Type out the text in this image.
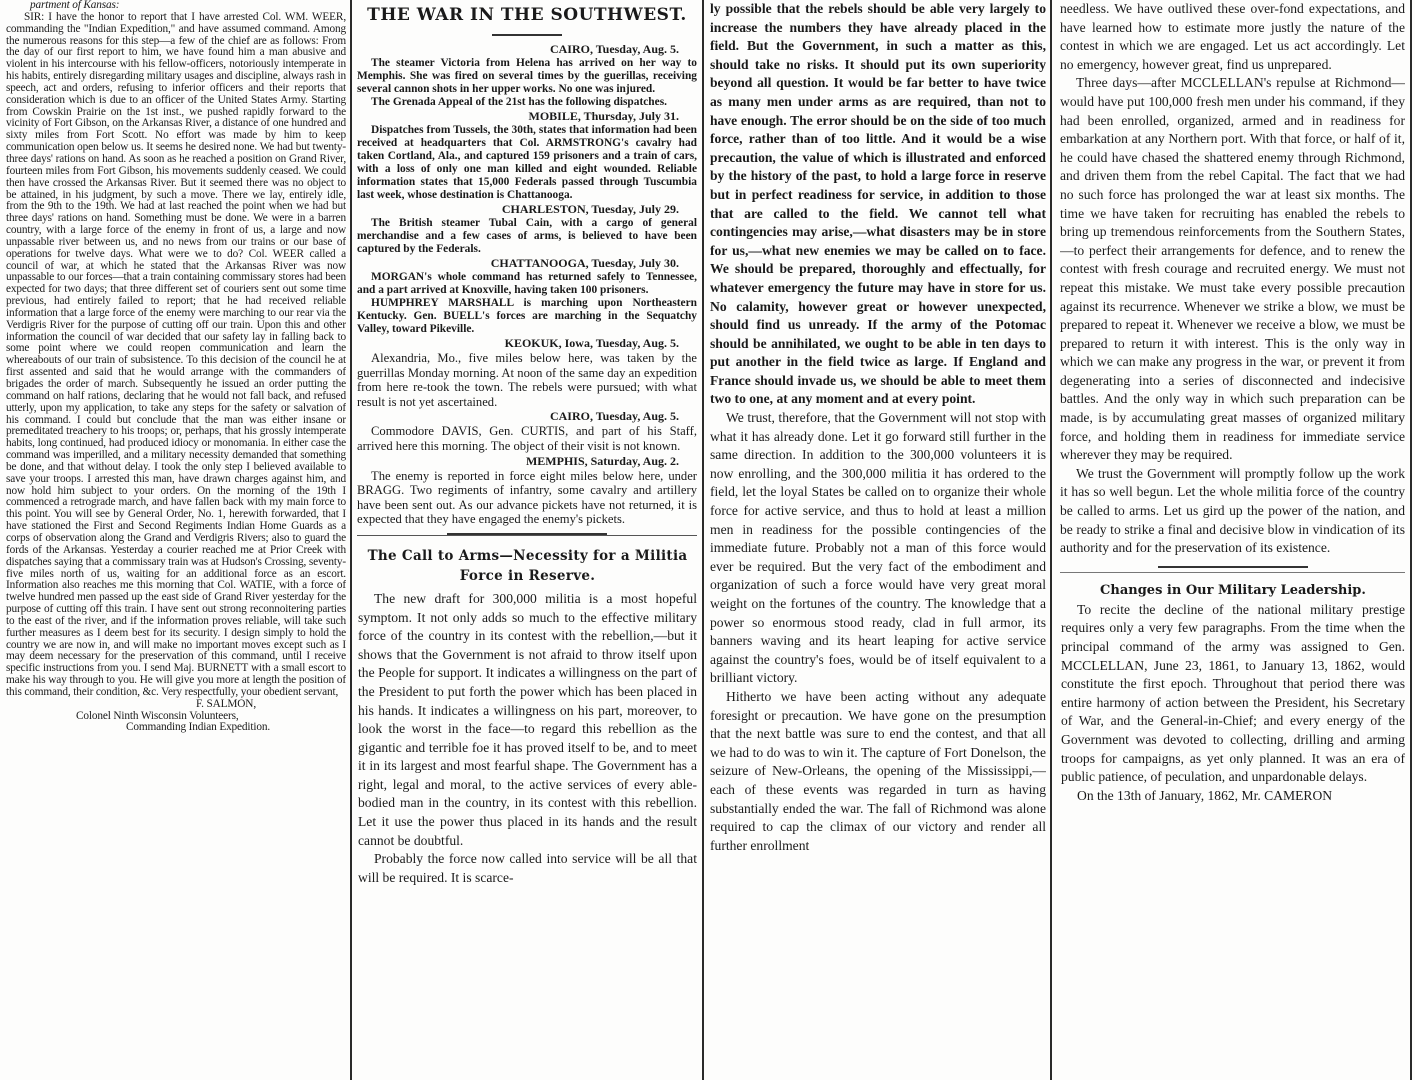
partment of Kansas:

SIR: I have the honor to report that I have arrested Col. WM. WEER, commanding the "Indian Expedition," and have assumed command. Among the numerous reasons for this step—a few of the chief are as follows: From the day of our first report to him, we have found him a man abusive and violent in his intercourse with his fellow-officers, notoriously intemperate in his habits, entirely disregarding military usages and discipline, always rash in speech, act and orders, refusing to inferior officers and their reports that consideration which is due to an officer of the United States Army. Starting from Cowskin Prairie on the 1st inst., we pushed rapidly forward to the vicinity of Fort Gibson, on the Arkansas River, a distance of one hundred and sixty miles from Fort Scott. No effort was made by him to keep communication open below us. It seems he desired none. We had but twenty-three days' rations on hand. As soon as he reached a position on Grand River, fourteen miles from Fort Gibson, his movements suddenly ceased. We could then have crossed the Arkansas River. But it seemed there was no object to be attained, in his judgment, by such a move. There we lay, entirely idle, from the 9th to the 19th. We had at last reached the point when we had but three days' rations on hand. Something must be done. We were in a barren country, with a large force of the enemy in front of us, a large and now unpassable river between us, and no news from our trains or our base of operations for twelve days. What were we to do? Col. WEER called a council of war, at which he stated that the Arkansas River was now unpassable to our forces—that a train containing commissary stores had been expected for two days; that three different set of couriers sent out some time previous, had entirely failed to report; that he had received reliable information that a large force of the enemy were marching to our rear via the Verdigris River for the purpose of cutting off our train. Upon this and other information the council of war decided that our safety lay in falling back to some point where we could reopen communication and learn the whereabouts of our train of subsistence. To this decision of the council he at first assented and said that he would arrange with the commanders of brigades the order of march. Subsequently he issued an order putting the command on half rations, declaring that he would not fall back, and refused utterly, upon my application, to take any steps for the safety or salvation of his command. I could but conclude that the man was either insane or premeditated treachery to his troops; or, perhaps, that his grossly intemperate habits, long continued, had produced idiocy or monomania. In either case the command was imperilled, and a military necessity demanded that something be done, and that without delay. I took the only step I believed available to save your troops. I arrested this man, have drawn charges against him, and now hold him subject to your orders. On the morning of the 19th I commenced a retrograde march, and have fallen back with my main force to this point. You will see by General Order, No. 1, herewith forwarded, that I have stationed the First and Second Regiments Indian Home Guards as a corps of observation along the Grand and Verdigris Rivers; also to guard the fords of the Arkansas. Yesterday a courier reached me at Prior Creek with dispatches saying that a commissary train was at Hudson's Crossing, seventy-five miles north of us, waiting for an additional force as an escort. Information also reaches me this morning that Col. WATIE, with a force of twelve hundred men passed up the east side of Grand River yesterday for the purpose of cutting off this train. I have sent out strong reconnoitering parties to the east of the river, and if the information proves reliable, will take such further measures as I deem best for its security. I design simply to hold the country we are now in, and will make no important moves except such as I may deem necessary for the preservation of this command, until I receive specific instructions from you. I send Maj. BURNETT with a small escort to make his way through to you. He will give you more at length the position of this command, their condition, &c. Very respectfully, your obedient servant,

F. SALMON,

Colonel Ninth Wisconsin Volunteers,

Commanding Indian Expedition.

THE WAR IN THE SOUTHWEST.
CAIRO, Tuesday, Aug. 5.

The steamer Victoria from Helena has arrived on her way to Memphis. She was fired on several times by the guerillas, receiving several cannon shots in her upper works. No one was injured.

The Grenada Appeal of the 21st has the following dispatches.

MOBILE, Thursday, July 31.

Dispatches from Tussels, the 30th, states that information had been received at headquarters that Col. ARMSTRONG's cavalry had taken Cortland, Ala., and captured 159 prisoners and a train of cars, with a loss of only one man killed and eight wounded. Reliable information states that 15,000 Federals passed through Tuscumbia last week, whose destination is Chattanooga.

CHARLESTON, Tuesday, July 29.

The British steamer Tubal Cain, with a cargo of general merchandise and a few cases of arms, is believed to have been captured by the Federals.

CHATTANOOGA, Tuesday, July 30.

MORGAN's whole command has returned safely to Tennessee, and a part arrived at Knoxville, having taken 100 prisoners.

HUMPHREY MARSHALL is marching upon Northeastern Kentucky. Gen. BUELL's forces are marching in the Sequatchy Valley, toward Pikeville.

KEOKUK, Iowa, Tuesday, Aug. 5.

Alexandria, Mo., five miles below here, was taken by the guerrillas Monday morning. At noon of the same day an expedition from here re-took the town. The rebels were pursued; with what result is not yet ascertained.

CAIRO, Tuesday, Aug. 5.

Commodore DAVIS, Gen. CURTIS, and part of his Staff, arrived here this morning. The object of their visit is not known.

MEMPHIS, Saturday, Aug. 2.

The enemy is reported in force eight miles below here, under BRAGG. Two regiments of infantry, some cavalry and artillery have been sent out. As our advance pickets have not returned, it is expected that they have engaged the enemy's pickets.

The Call to Arms—Necessity for a Militia Force in Reserve.

The new draft for 300,000 militia is a most hopeful symptom. It not only adds so much to the effective military force of the country in its contest with the rebellion,—but it shows that the Government is not afraid to throw itself upon the People for support. It indicates a willingness on the part of the President to put forth the power which has been placed in his hands. It indicates a willingness on his part, moreover, to look the worst in the face—to regard this rebellion as the gigantic and terrible foe it has proved itself to be, and to meet it in its largest and most fearful shape. The Government has a right, legal and moral, to the active services of every able-bodied man in the country, in its contest with this rebellion. Let it use the power thus placed in its hands and the result cannot be doubtful.

Probably the force now called into service will be all that will be required. It is scarce-

ly possible that the rebels should be able very largely to increase the numbers they have already placed in the field. But the Government, in such a matter as this, should take no risks. It should put its own superiority beyond all question. It would be far better to have twice as many men under arms as are required, than not to have enough. The error should be on the side of too much force, rather than of too little. And it would be a wise precaution, the value of which is illustrated and enforced by the history of the past, to hold a large force in reserve but in perfect readiness for service, in addition to those that are called to the field. We cannot tell what contingencies may arise,—what disasters may be in store for us,—what new enemies we may be called on to face. We should be prepared, thoroughly and effectually, for whatever emergency the future may have in store for us. No calamity, however great or however unexpected, should find us unready. If the army of the Potomac should be annihilated, we ought to be able in ten days to put another in the field twice as large. If England and France should invade us, we should be able to meet them two to one, at any moment and at every point.

We trust, therefore, that the Government will not stop with what it has already done. Let it go forward still further in the same direction. In addition to the 300,000 volunteers it is now enrolling, and the 300,000 militia it has ordered to the field, let the loyal States be called on to organize their whole force for active service, and thus to hold at least a million men in readiness for the possible contingencies of the immediate future. Probably not a man of this force would ever be required. But the very fact of the embodiment and organization of such a force would have very great moral weight on the fortunes of the country. The knowledge that a power so enormous stood ready, clad in full armor, its banners waving and its heart leaping for active service against the country's foes, would be of itself equivalent to a brilliant victory.

Hitherto we have been acting without any adequate foresight or precaution. We have gone on the presumption that the next battle was sure to end the contest, and that all we had to do was to win it. The capture of Fort Donelson, the seizure of New-Orleans, the opening of the Mississippi,—each of these events was regarded in turn as having substantially ended the war. The fall of Richmond was alone required to cap the climax of our victory and render all further enrollment

needless. We have outlived these over-fond expectations, and have learned how to estimate more justly the nature of the contest in which we are engaged. Let us act accordingly. Let no emergency, however great, find us unprepared.

Three days—after MCCLELLAN's repulse at Richmond—would have put 100,000 fresh men under his command, if they had been enrolled, organized, armed and in readiness for embarkation at any Northern port. With that force, or half of it, he could have chased the shattered enemy through Richmond, and driven them from the rebel Capital. The fact that we had no such force has prolonged the war at least six months. The time we have taken for recruiting has enabled the rebels to bring up tremendous reinforcements from the Southern States,—to perfect their arrangements for defence, and to renew the contest with fresh courage and recruited energy. We must not repeat this mistake. We must take every possible precaution against its recurrence. Whenever we strike a blow, we must be prepared to repeat it. Whenever we receive a blow, we must be prepared to return it with interest. This is the only way in which we can make any progress in the war, or prevent it from degenerating into a series of disconnected and indecisive battles. And the only way in which such preparation can be made, is by accumulating great masses of organized military force, and holding them in readiness for immediate service wherever they may be required.

We trust the Government will promptly follow up the work it has so well begun. Let the whole militia force of the country be called to arms. Let us gird up the power of the nation, and be ready to strike a final and decisive blow in vindication of its authority and for the preservation of its existence.

Changes in Our Military Leadership.

To recite the decline of the national military prestige requires only a very few paragraphs. From the time when the principal command of the army was assigned to Gen. MCCLELLAN, June 23, 1861, to January 13, 1862, would constitute the first epoch. Throughout that period there was entire harmony of action between the President, his Secretary of War, and the General-in-Chief; and every energy of the Government was devoted to collecting, drilling and arming troops for campaigns, as yet only planned. It was an era of public patience, of peculation, and unpardonable delays.

On the 13th of January, 1862, Mr. CAMERON
